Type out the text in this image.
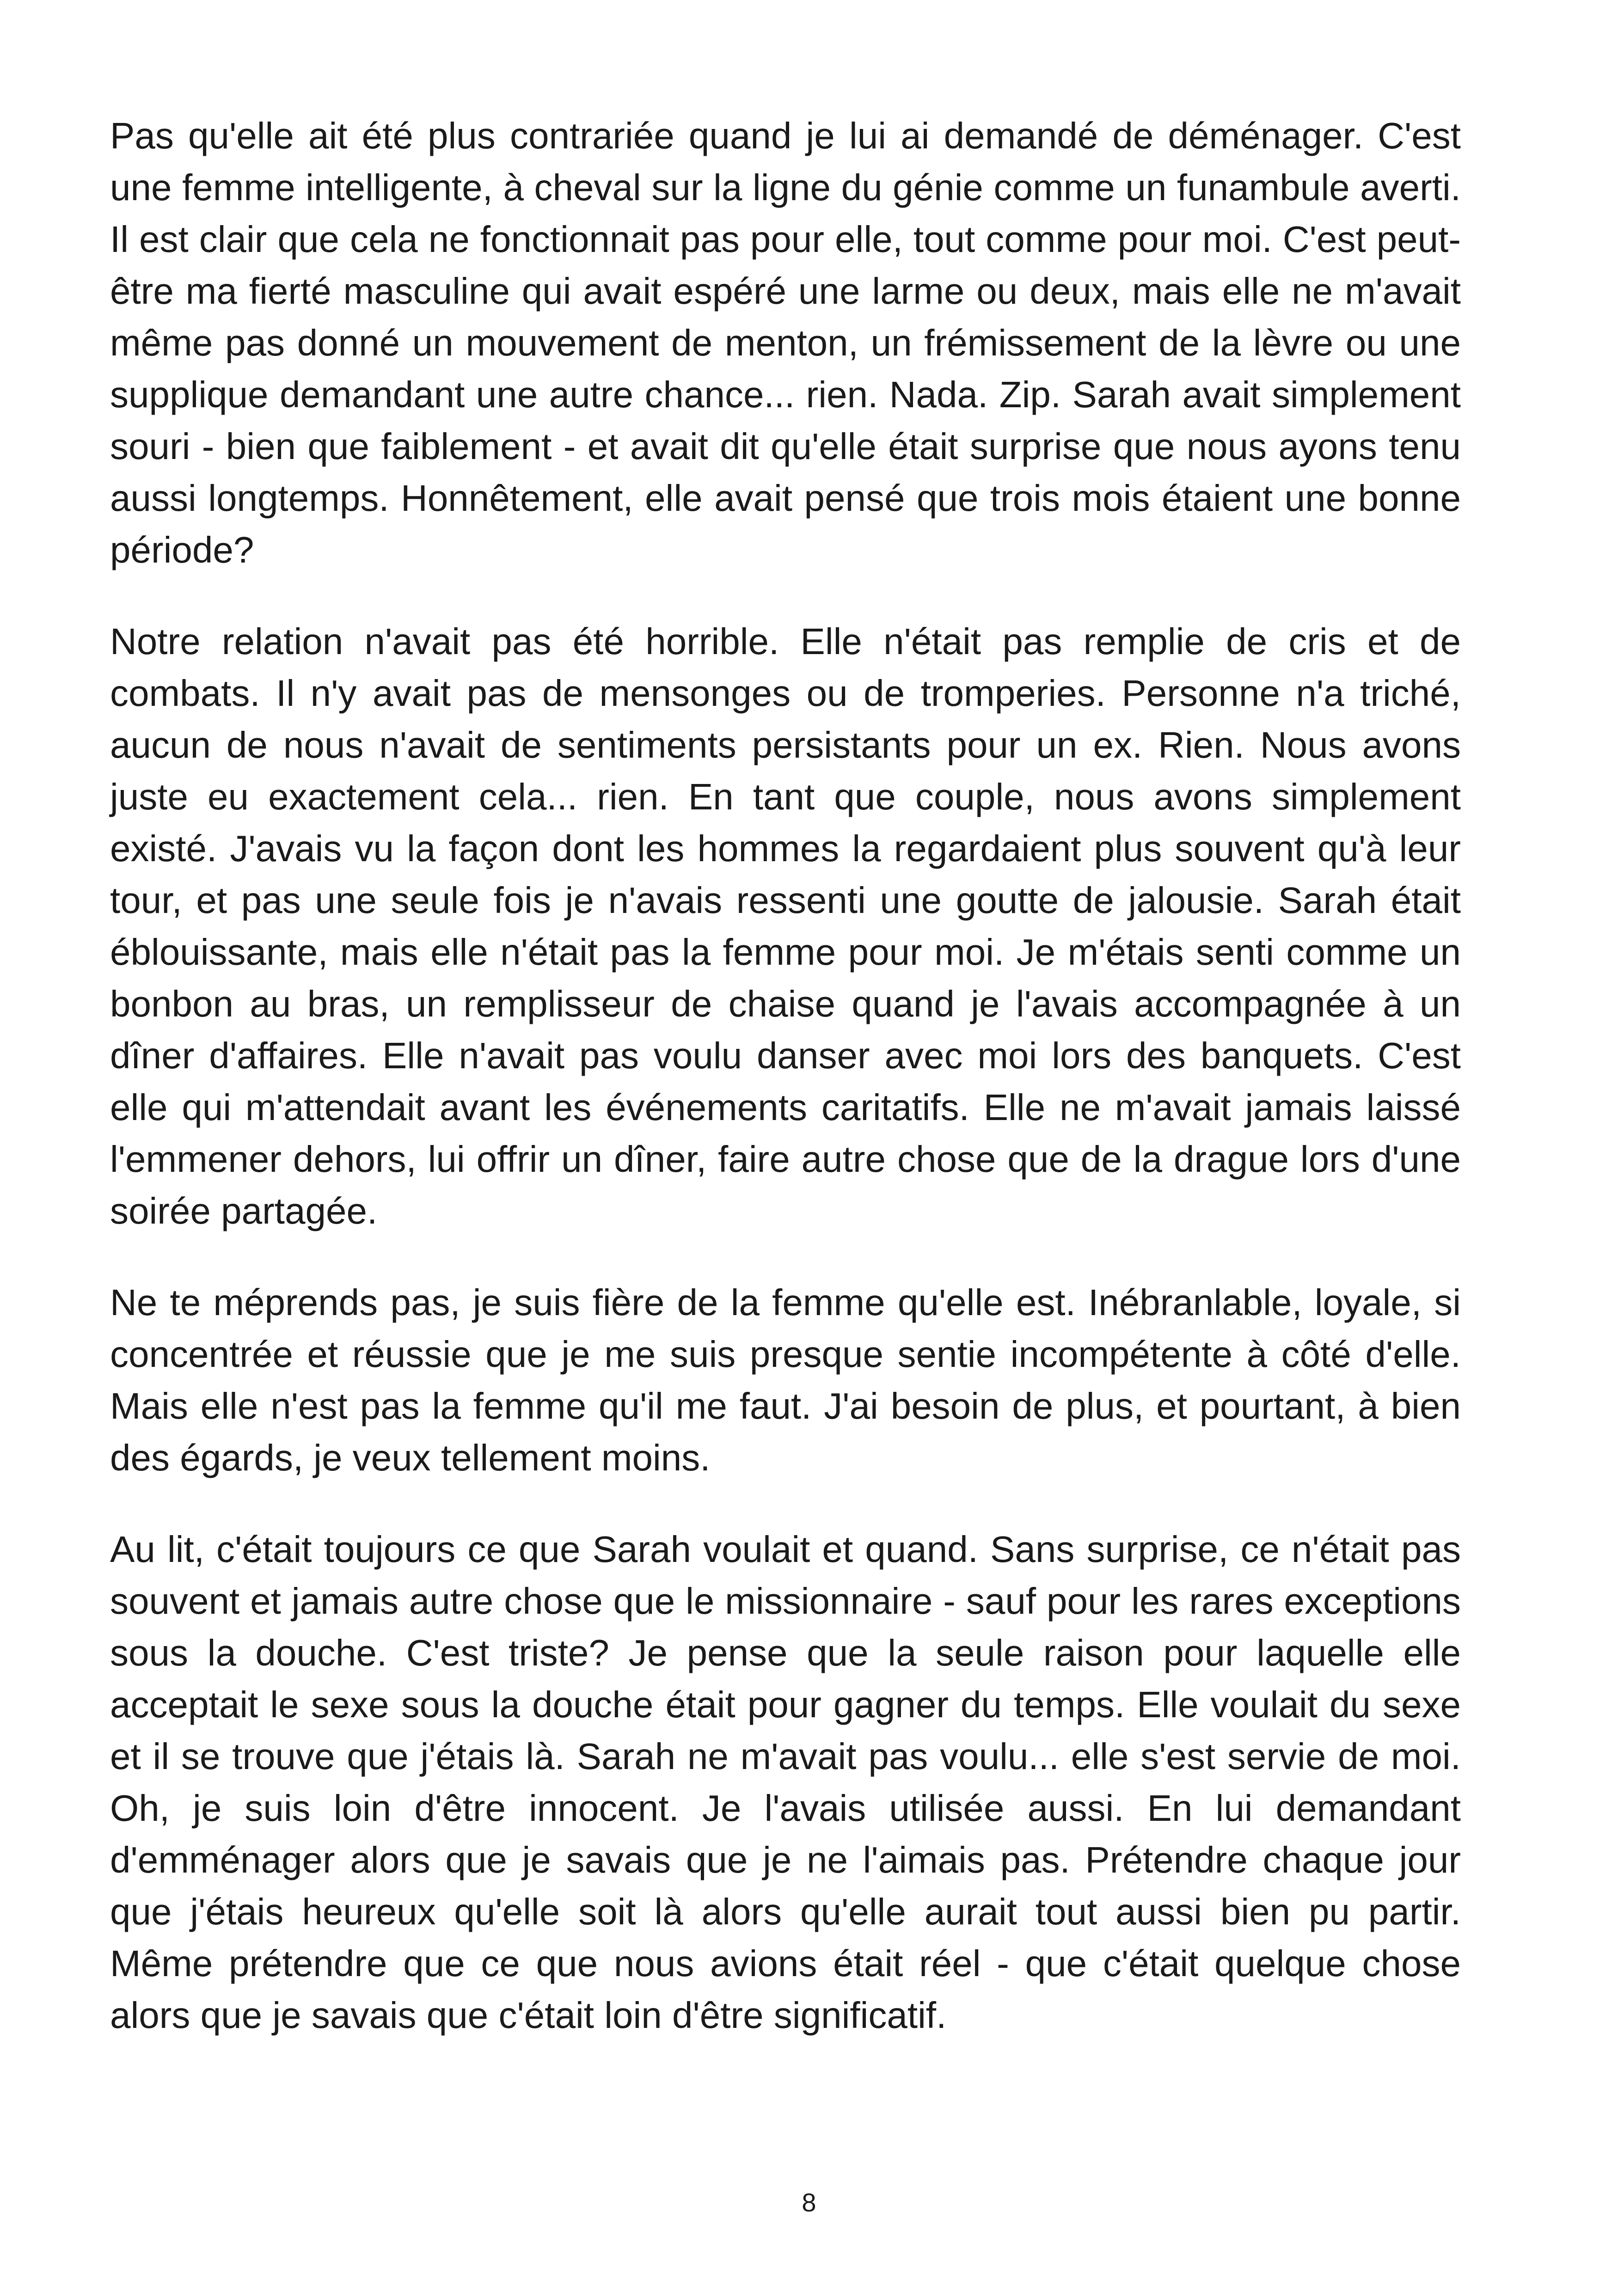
Pas qu'elle ait été plus contrariée quand je lui ai demandé de déménager. C'est une femme intelligente, à cheval sur la ligne du génie comme un funambule averti. Il est clair que cela ne fonctionnait pas pour elle, tout comme pour moi. C'est peut-être ma fierté masculine qui avait espéré une larme ou deux, mais elle ne m'avait même pas donné un mouvement de menton, un frémissement de la lèvre ou une supplique demandant une autre chance... rien. Nada. Zip. Sarah avait simplement souri - bien que faiblement - et avait dit qu'elle était surprise que nous ayons tenu aussi longtemps. Honnêtement, elle avait pensé que trois mois étaient une bonne période?

Notre relation n'avait pas été horrible. Elle n'était pas remplie de cris et de combats. Il n'y avait pas de mensonges ou de tromperies. Personne n'a triché, aucun de nous n'avait de sentiments persistants pour un ex. Rien. Nous avons juste eu exactement cela... rien. En tant que couple, nous avons simplement existé. J'avais vu la façon dont les hommes la regardaient plus souvent qu'à leur tour, et pas une seule fois je n'avais ressenti une goutte de jalousie. Sarah était éblouissante, mais elle n'était pas la femme pour moi. Je m'étais senti comme un bonbon au bras, un remplisseur de chaise quand je l'avais accompagnée à un dîner d'affaires. Elle n'avait pas voulu danser avec moi lors des banquets. C'est elle qui m'attendait avant les événements caritatifs. Elle ne m'avait jamais laissé l'emmener dehors, lui offrir un dîner, faire autre chose que de la drague lors d'une soirée partagée.

Ne te méprends pas, je suis fière de la femme qu'elle est. Inébranlable, loyale, si concentrée et réussie que je me suis presque sentie incompétente à côté d'elle. Mais elle n'est pas la femme qu'il me faut. J'ai besoin de plus, et pourtant, à bien des égards, je veux tellement moins.

Au lit, c'était toujours ce que Sarah voulait et quand. Sans surprise, ce n'était pas souvent et jamais autre chose que le missionnaire - sauf pour les rares exceptions sous la douche. C'est triste? Je pense que la seule raison pour laquelle elle acceptait le sexe sous la douche était pour gagner du temps. Elle voulait du sexe et il se trouve que j'étais là. Sarah ne m'avait pas voulu... elle s'est servie de moi. Oh, je suis loin d'être innocent. Je l'avais utilisée aussi. En lui demandant d'emménager alors que je savais que je ne l'aimais pas. Prétendre chaque jour que j'étais heureux qu'elle soit là alors qu'elle aurait tout aussi bien pu partir. Même prétendre que ce que nous avions était réel - que c'était quelque chose alors que je savais que c'était loin d'être significatif.

8
